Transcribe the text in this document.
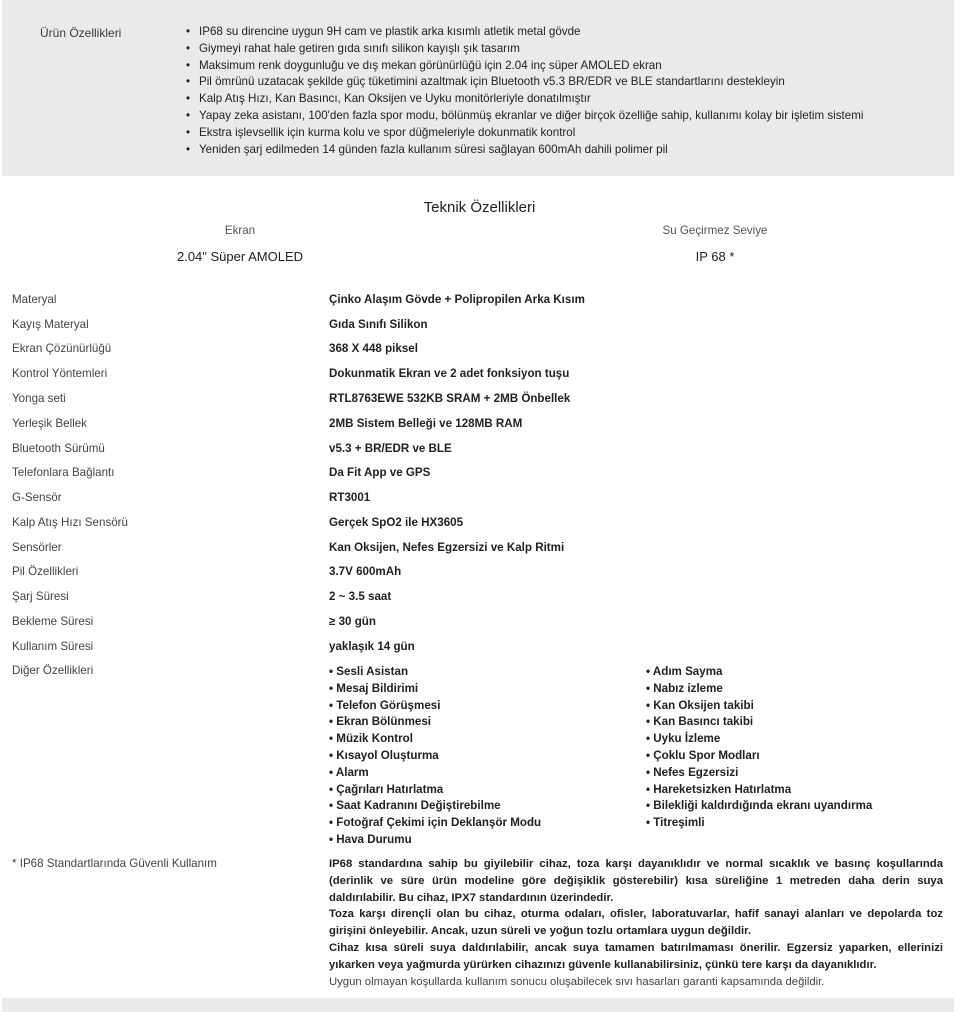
Ürün Özellikleri	• IP68 su direncine uygun 9H cam ve plastik arka kısımlı atletik metal gövde
• Giymeyi rahat hale getiren gıda sınıfı silikon kayışlı şık tasarım
• Maksimum renk doygunluğu ve dış mekan görünürlüğü için 2.04 inç süper AMOLED ekran
• Pil ömrünü uzatacak şekilde güç tüketimini azaltmak için Bluetooth v5.3 BR/EDR ve BLE standartlarını destekleyin
• Kalp Atış Hızı, Kan Basıncı, Kan Oksijen ve Uyku monitörleriyle donatılmıştır
• Yapay zeka asistanı, 100'den fazla spor modu, bölünmüş ekranlar ve diğer birçok özelliğe sahip, kullanımı kolay bir işletim sistemi
• Ekstra işlevsellik için kurma kolu ve spor düğmeleriyle dokunmatik kontrol
• Yeniden şarj edilmeden 14 günden fazla kullanım süresi sağlayan 600mAh dahili polimer pil
Teknik Özellikleri
Ekran
2.04" Süper AMOLED
Su Geçirmez Seviye
IP 68 *
Materyal	Çinko Alaşım Gövde + Polipropilen Arka Kısım
Kayış Materyal	Gıda Sınıfı Silikon
Ekran Çözünürlüğü	368 X 448 piksel
Kontrol Yöntemleri	Dokunmatik Ekran ve 2 adet fonksiyon tuşu
Yonga seti	RTL8763EWE 532KB SRAM + 2MB Önbellek
Yerleşik Bellek	2MB Sistem Belleği ve 128MB RAM
Bluetooth Sürümü	v5.3 + BR/EDR ve BLE
Telefonlara Bağlantı	Da Fit App ve GPS
G-Sensör	RT3001
Kalp Atış Hızı Sensörü	Gerçek SpO2 ile HX3605
Sensörler	Kan Oksijen, Nefes Egzersizi ve Kalp Ritmi
Pil Özellikleri	3.7V 600mAh
Şarj Süresi	2 ~ 3.5 saat
Bekleme Süresi	≥ 30 gün
Kullanım Süresi	yaklaşık 14 gün
Diğer Özellikleri	• Sesli Asistan
• Mesaj Bildirimi
• Telefon Görüşmesi
• Ekran Bölünmesi
• Müzik Kontrol
• Kısayol Oluşturma
• Alarm
• Çağrıları Hatırlatma
• Saat Kadranını Değiştirebilme
• Fotoğraf Çekimi için Deklanşör Modu
• Hava Durumu
• Adım Sayma
• Nabız izleme
• Kan Oksijen takibi
• Kan Basıncı takibi
• Uyku İzleme
• Çoklu Spor Modları
• Nefes Egzersizi
• Hareketsizken Hatırlatma
• Bilekliği kaldırdığında ekranı uyandırma
• Titreşimli
* IP68 Standartlarında Güvenli Kullanım	IP68 standardına sahip bu giyilebilir cihaz, toza karşı dayanıklıdır ve normal sıcaklık ve basınç koşullarında (derinlik ve süre ürün modeline göre değişiklik gösterebilir) kısa süreliğine 1 metreden daha derin suya daldırılabilir. Bu cihaz, IPX7 standardının üzerindedir.

Toza karşı dirençli olan bu cihaz, oturma odaları, ofisler, laboratuvarlar, hafif sanayi alanları ve depolarda toz girişini önleyebilir. Ancak, uzun süreli ve yoğun tozlu ortamlara uygun değildir.

Cihaz kısa süreli suya daldırılabilir, ancak suya tamamen batırılmaması önerilir. Egzersiz yaparken, ellerinizi yıkarken veya yağmurda yürürken cihazınızı güvenle kullanabilirsiniz, çünkü tere karşı da dayanıklıdır.

Uygun olmayan koşullarda kullanım sonucu oluşabilecek sıvı hasarları garanti kapsamında değildir.
